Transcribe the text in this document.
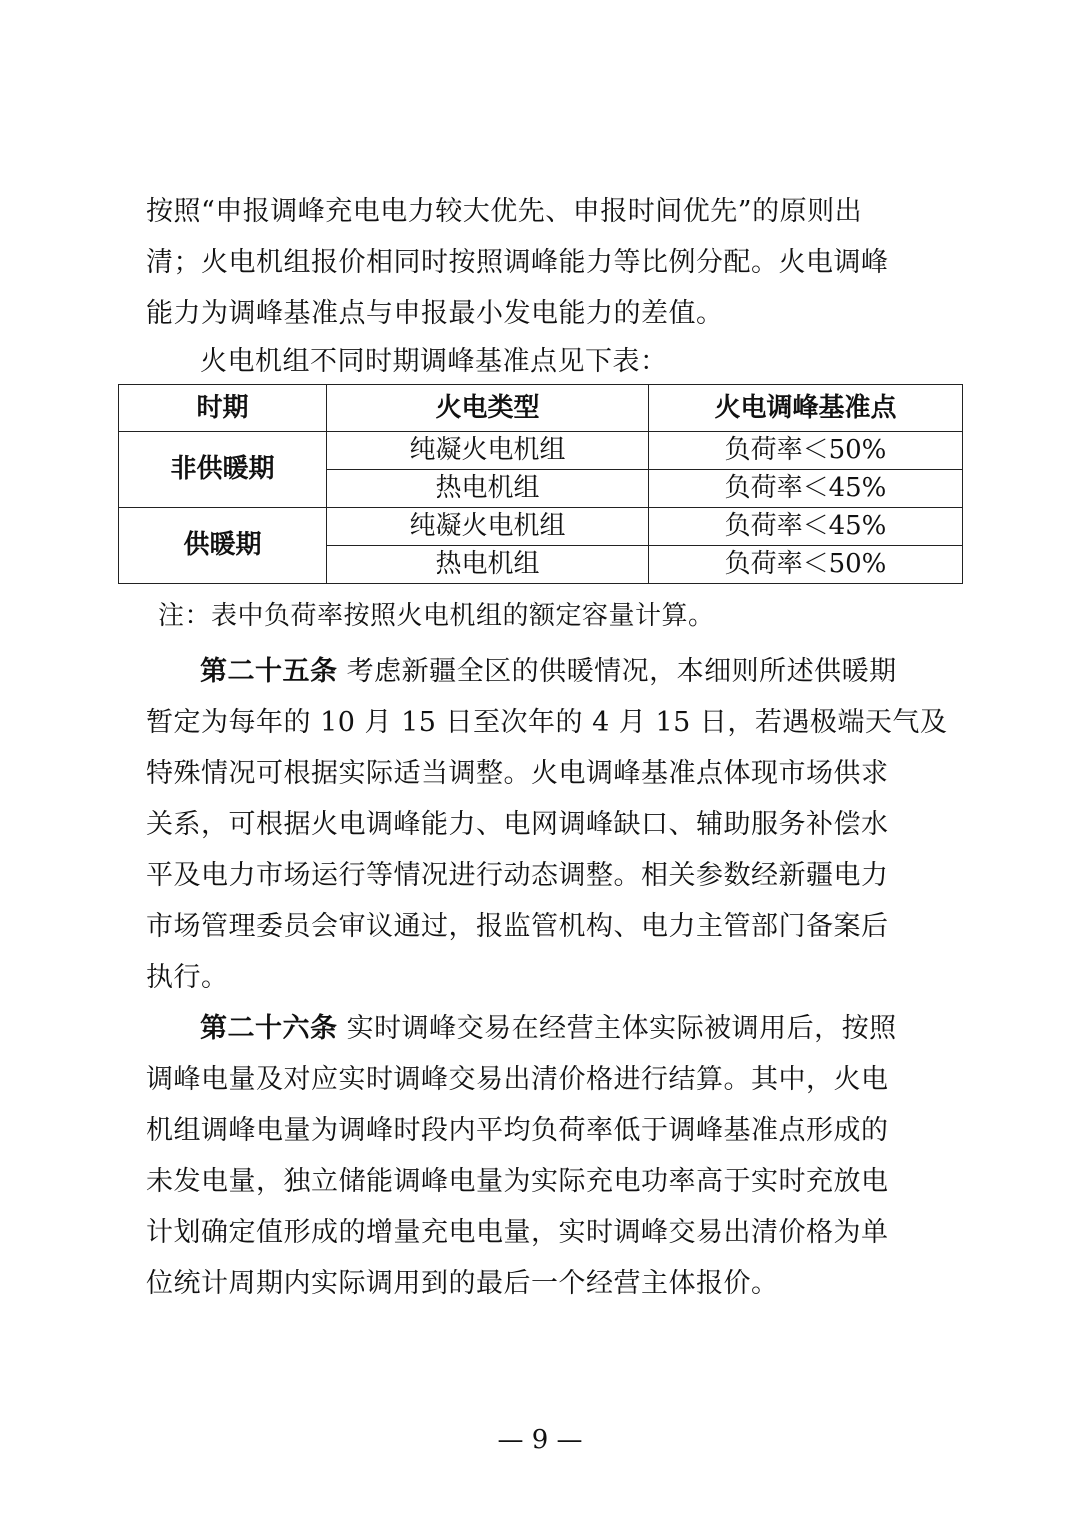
按照“申报调峰充电电力较大优先、申报时间优先”的原则出
清；火电机组报价相同时按照调峰能力等比例分配。火电调峰
能力为调峰基准点与申报最小发电能力的差值。

火电机组不同时期调峰基准点见下表：

时期	火电类型	火电调峰基准点
非供暖期	纯凝火电机组	负荷率＜50%
	热电机组	负荷率＜45%
供暖期	纯凝火电机组	负荷率＜45%
	热电机组	负荷率＜50%

注：表中负荷率按照火电机组的额定容量计算。

第二十五条 考虑新疆全区的供暖情况，本细则所述供暖期
暂定为每年的 10 月 15 日至次年的 4 月 15 日，若遇极端天气及
特殊情况可根据实际适当调整。火电调峰基准点体现市场供求
关系，可根据火电调峰能力、电网调峰缺口、辅助服务补偿水
平及电力市场运行等情况进行动态调整。相关参数经新疆电力
市场管理委员会审议通过，报监管机构、电力主管部门备案后
执行。
第二十六条 实时调峰交易在经营主体实际被调用后，按照
调峰电量及对应实时调峰交易出清价格进行结算。其中，火电
机组调峰电量为调峰时段内平均负荷率低于调峰基准点形成的
未发电量，独立储能调峰电量为实际充电功率高于实时充放电
计划确定值形成的增量充电电量，实时调峰交易出清价格为单
位统计周期内实际调用到的最后一个经营主体报价。
— 9 —
